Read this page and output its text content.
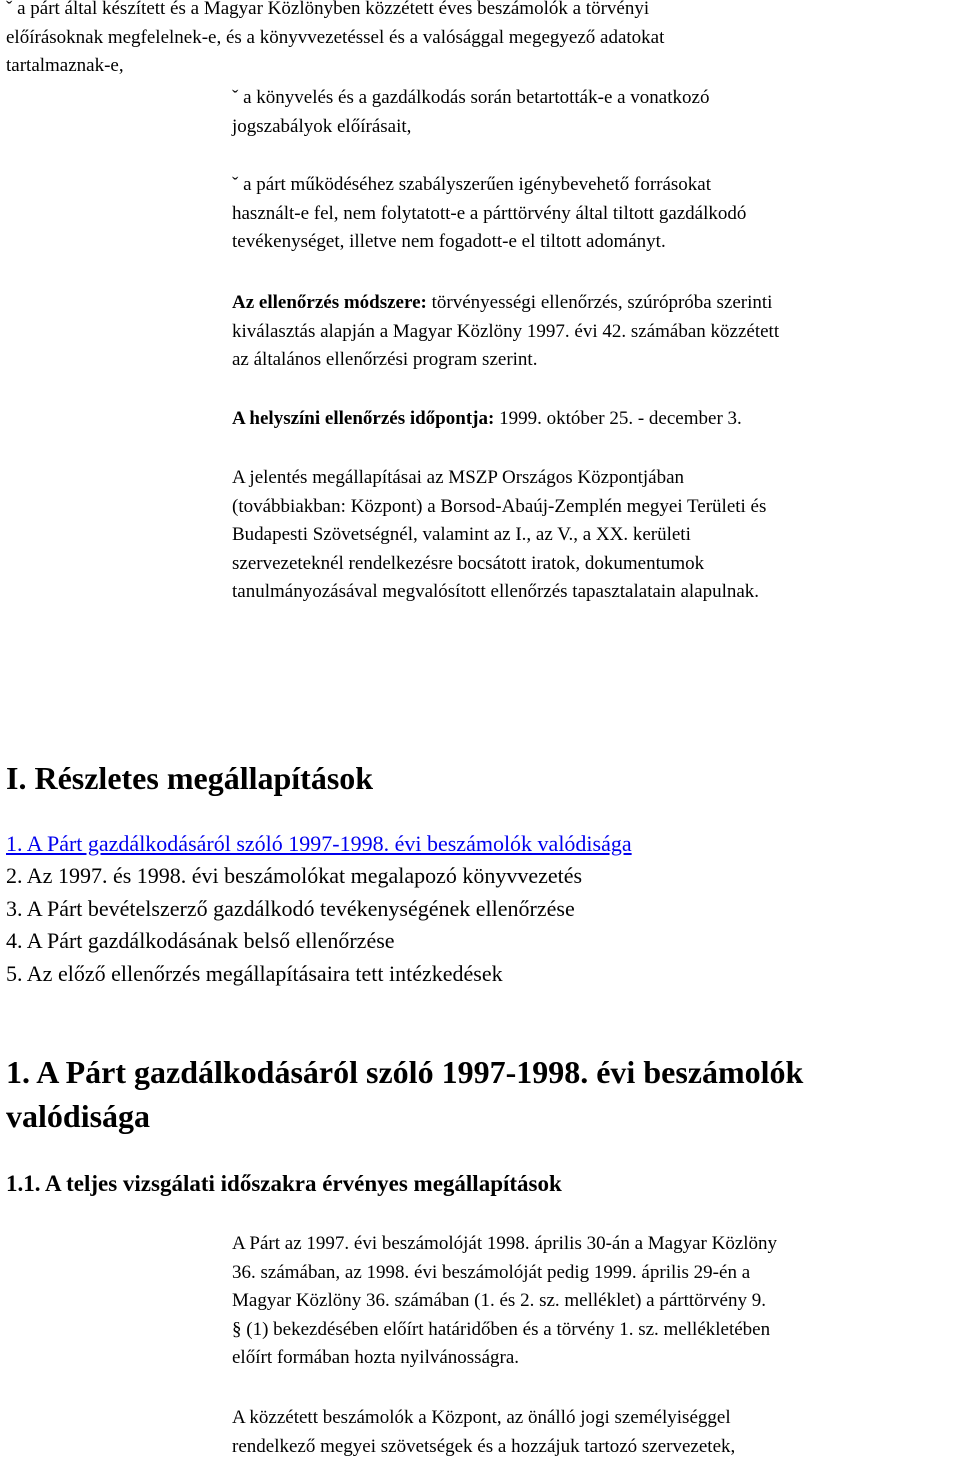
ˇ a párt által készített és a Magyar Közlönyben közzétett éves beszámolók a törvényi
előírásoknak megfelelnek-e, és a könyvvezetéssel és a valósággal megegyező adatokat
tartalmaznak-e,

ˇ a könyvelés és a gazdálkodás során betartották-e a vonatkozó
jogszabályok előírásait,

ˇ a párt működéséhez szabályszerűen igénybevehető forrásokat
használt-e fel, nem folytatott-e a párttörvény által tiltott gazdálkodó
tevékenységet, illetve nem fogadott-e el tiltott adományt.

Az ellenőrzés módszere: törvényességi ellenőrzés, szúrópróba szerinti
kiválasztás alapján a Magyar Közlöny 1997. évi 42. számában közzétett
az általános ellenőrzési program szerint.

A helyszíni ellenőrzés időpontja: 1999. október 25. - december 3.

A jelentés megállapításai az MSZP Országos Központjában
(továbbiakban: Központ) a Borsod-Abaúj-Zemplén megyei Területi és
Budapesti Szövetségnél, valamint az I., az V., a XX. kerületi
szervezeteknél rendelkezésre bocsátott iratok, dokumentumok
tanulmányozásával megvalósított ellenőrzés tapasztalatain alapulnak.

I. Részletes megállapítások
1. A Párt gazdálkodásáról szóló 1997-1998. évi beszámolók valódisága
2. Az 1997. és 1998. évi beszámolókat megalapozó könyvvezetés
3. A Párt bevételszerző gazdálkodó tevékenységének ellenőrzése
4. A Párt gazdálkodásának belső ellenőrzése
5. Az előző ellenőrzés megállapításaira tett intézkedések
1. A Párt gazdálkodásáról szóló 1997-1998. évi beszámolók
valódisága
1.1. A teljes vizsgálati időszakra érvényes megállapítások

A Párt az 1997. évi beszámolóját 1998. április 30-án a Magyar Közlöny
36. számában, az 1998. évi beszámolóját pedig 1999. április 29-én a
Magyar Közlöny 36. számában (1. és 2. sz. melléklet) a párttörvény 9.
§ (1) bekezdésében előírt határidőben és a törvény 1. sz. mellékletében
előírt formában hozta nyilvánosságra.

A közzétett beszámolók a Központ, az önálló jogi személyiséggel
rendelkező megyei szövetségek és a hozzájuk tartozó szervezetek,
